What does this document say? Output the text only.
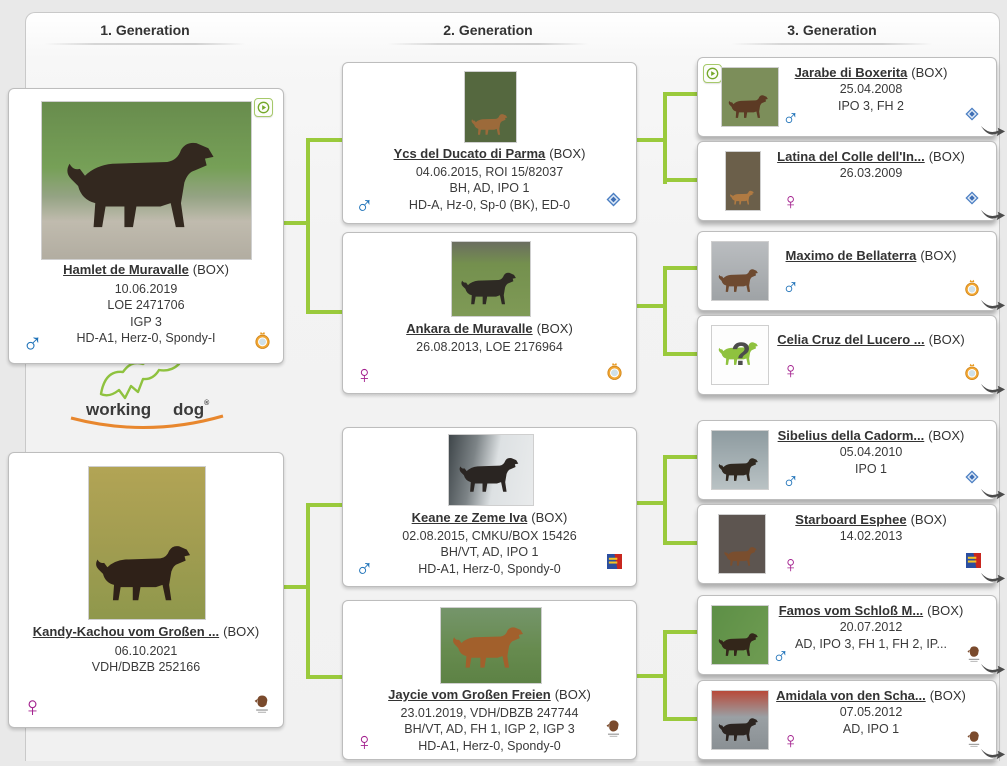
1. Generation	2. Generation	3. Generation
working dog®
Hamlet de Muravalle (BOX)
10.06.2019
LOE 2471706
IGP 3
HD-A1, Herz-0, Spondy-I
♂
Kandy-Kachou vom Großen ... (BOX)
06.10.2021
VDH/DBZB 252166
♀
Ycs del Ducato di Parma (BOX)
04.06.2015, ROI 15/82037
BH, AD, IPO 1
HD-A, Hz-0, Sp-0 (BK), ED-0
♂
Ankara de Muravalle (BOX)
26.08.2013, LOE 2176964
♀
Keane ze Zeme Iva (BOX)
02.08.2015, CMKU/BOX 15426
BH/VT, AD, IPO 1
HD-A1, Herz-0, Spondy-0
♂
Jaycie vom Großen Freien (BOX)
23.01.2019, VDH/DBZB 247744
BH/VT, AD, FH 1, IGP 2, IGP 3
HD-A1, Herz-0, Spondy-0
♀
Jarabe di Boxerita (BOX)
25.04.2008
IPO 3, FH 2
♂
Latina del Colle dell'In... (BOX)
26.03.2009
♀
Maximo de Bellaterra (BOX)
♂
?	Celia Cruz del Lucero ... (BOX)
♀
Sibelius della Cadorm... (BOX)
05.04.2010
IPO 1
♂
Starboard Esphee (BOX)
14.02.2013
♀
Famos vom Schloß M... (BOX)
20.07.2012
AD, IPO 3, FH 1, FH 2, IP...
♂
Amidala von den Scha... (BOX)
07.05.2012
AD, IPO 1
♀
